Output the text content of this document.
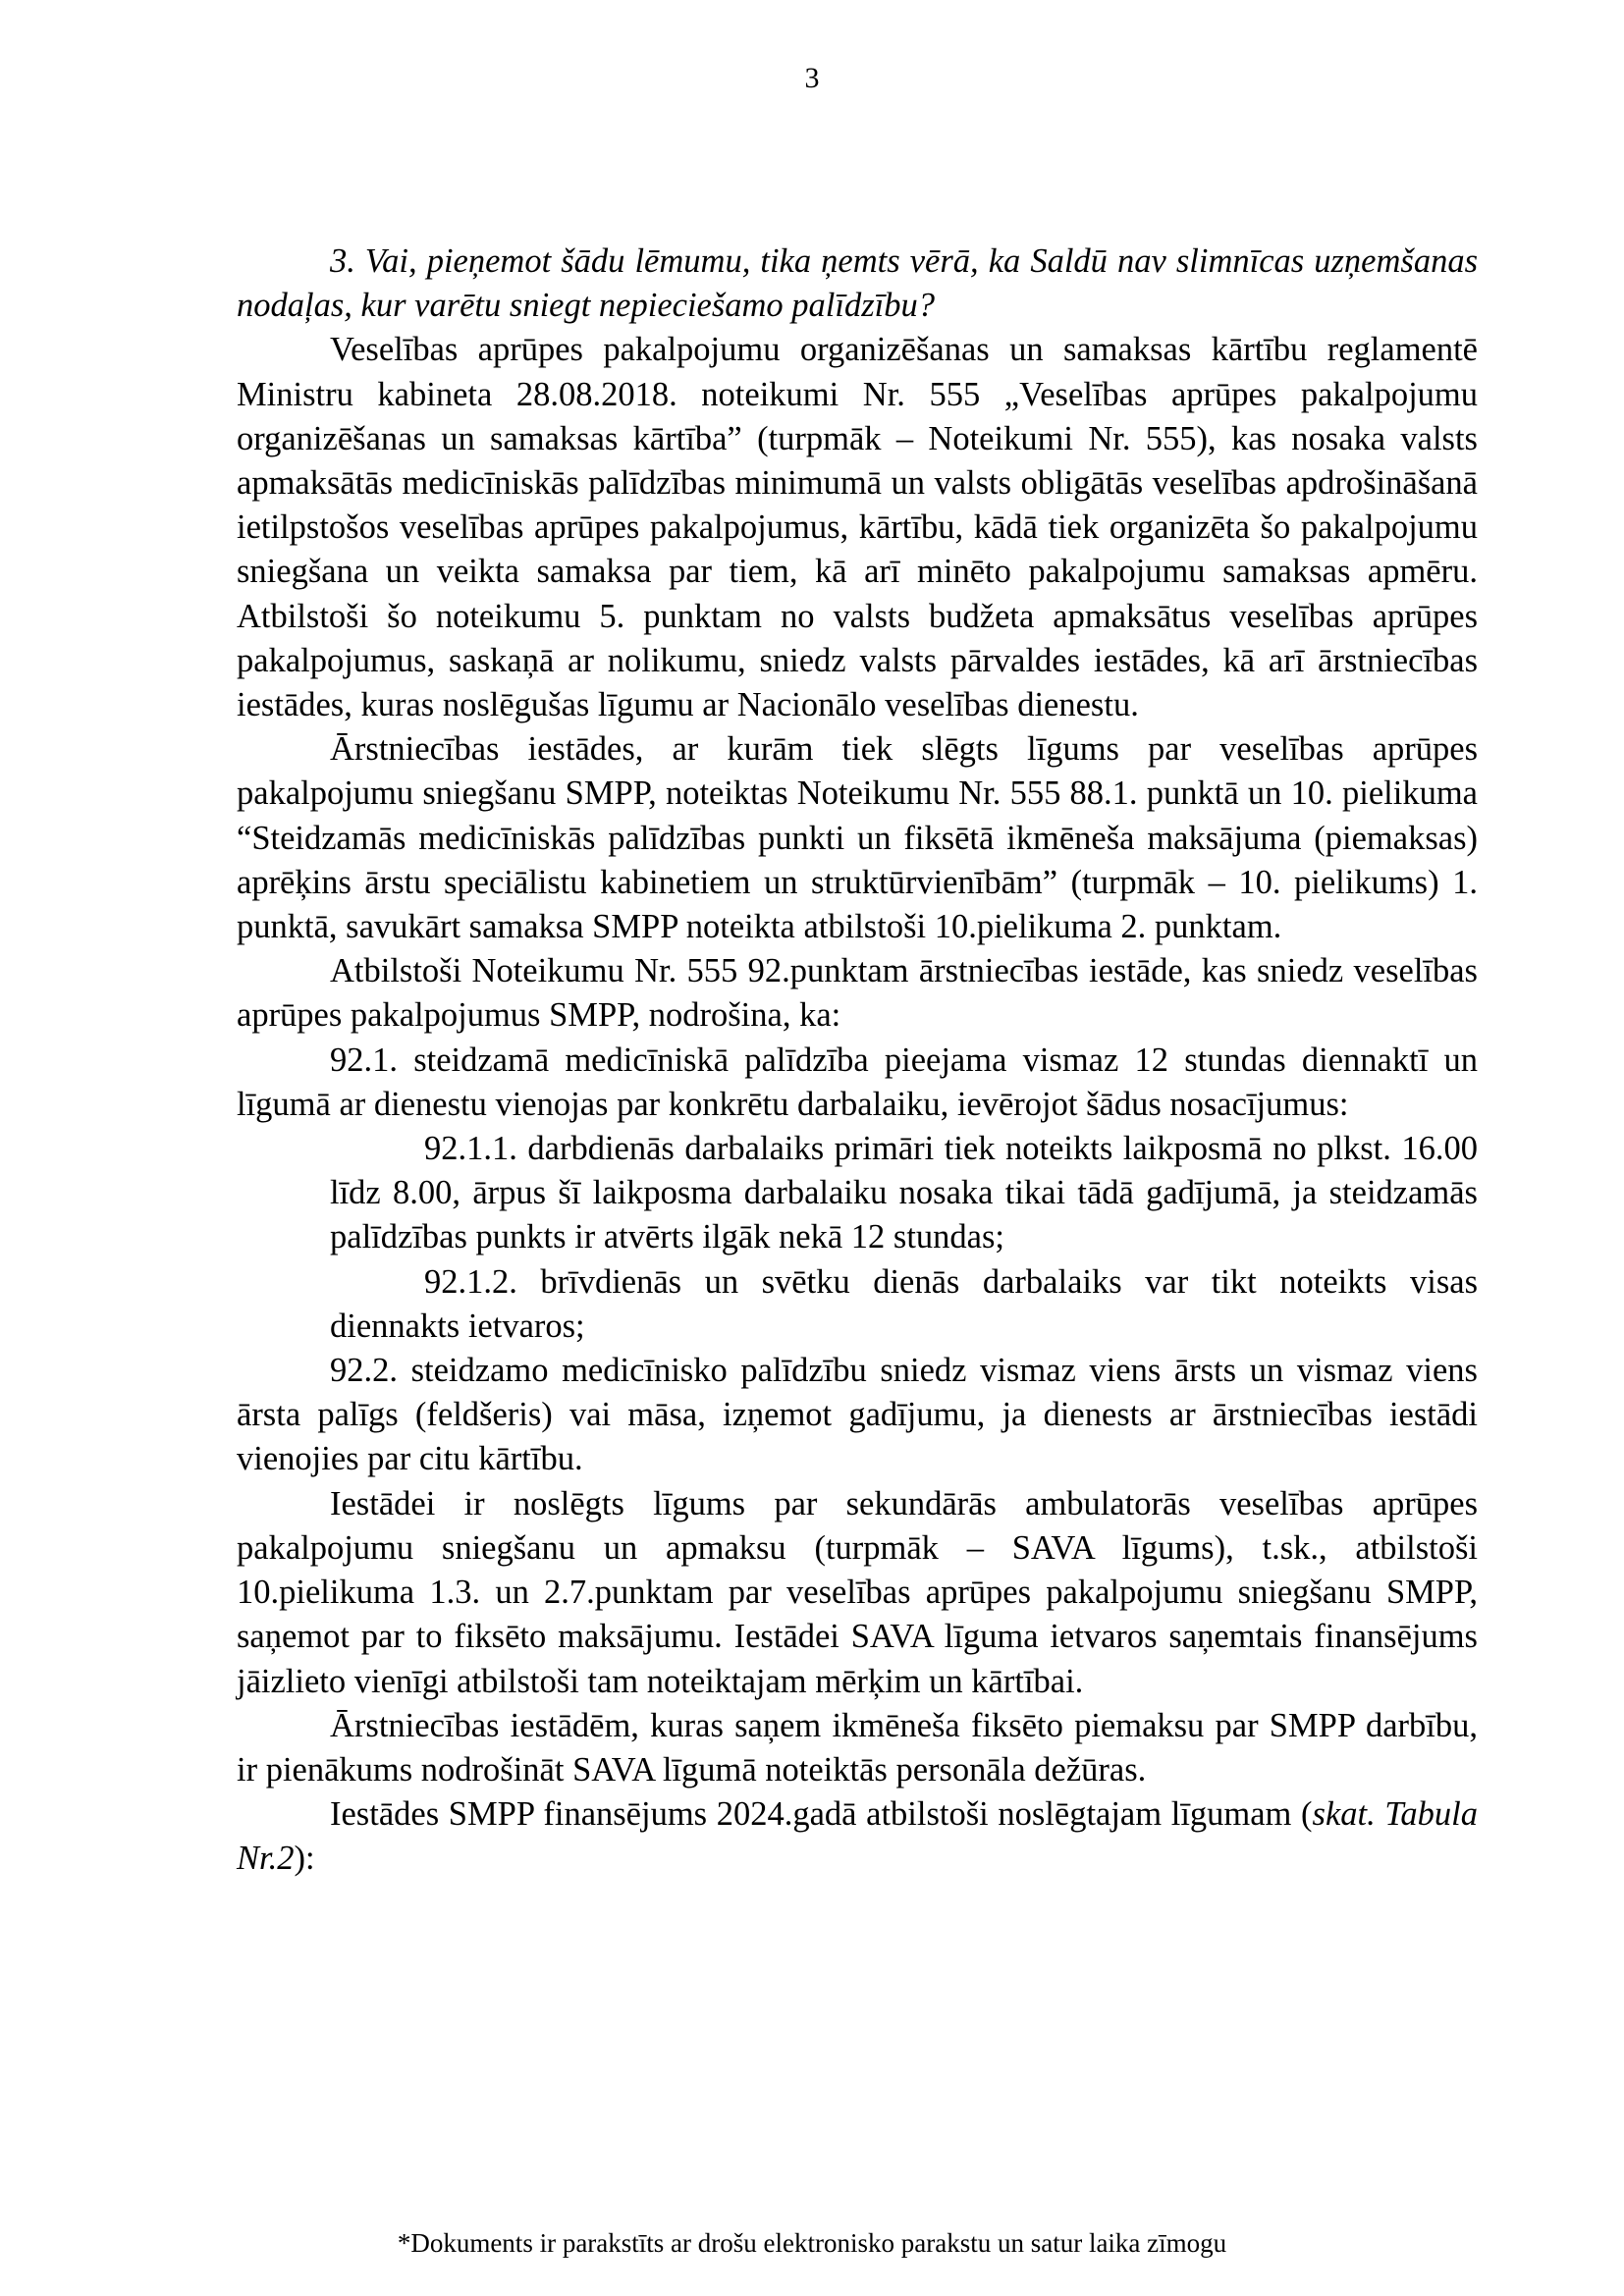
3

3. Vai, pieņemot šādu lēmumu, tika ņemts vērā, ka Saldū nav slimnīcas uzņemšanas nodaļas, kur varētu sniegt nepieciešamo palīdzību?

Veselības aprūpes pakalpojumu organizēšanas un samaksas kārtību reglamentē Ministru kabineta 28.08.2018. noteikumi Nr. 555 „Veselības aprūpes pakalpojumu organizēšanas un samaksas kārtība” (turpmāk – Noteikumi Nr. 555), kas nosaka valsts apmaksātās medicīniskās palīdzības minimumā un valsts obligātās veselības apdrošināšanā ietilpstošos veselības aprūpes pakalpojumus, kārtību, kādā tiek organizēta šo pakalpojumu sniegšana un veikta samaksa par tiem, kā arī minēto pakalpojumu samaksas apmēru. Atbilstoši šo noteikumu 5. punktam no valsts budžeta apmaksātus veselības aprūpes pakalpojumus, saskaņā ar nolikumu, sniedz valsts pārvaldes iestādes, kā arī ārstniecības iestādes, kuras noslēgušas līgumu ar Nacionālo veselības dienestu.

Ārstniecības iestādes, ar kurām tiek slēgts līgums par veselības aprūpes pakalpojumu sniegšanu SMPP, noteiktas Noteikumu Nr. 555 88.1. punktā un 10. pielikuma “Steidzamās medicīniskās palīdzības punkti un fiksētā ikmēneša maksājuma (piemaksas) aprēķins ārstu speciālistu kabinetiem un struktūrvienībām” (turpmāk – 10. pielikums) 1. punktā, savukārt samaksa SMPP noteikta atbilstoši 10.pielikuma 2. punktam.

Atbilstoši Noteikumu Nr. 555 92.punktam ārstniecības iestāde, kas sniedz veselības aprūpes pakalpojumus SMPP, nodrošina, ka:

92.1. steidzamā medicīniskā palīdzība pieejama vismaz 12 stundas diennaktī un līgumā ar dienestu vienojas par konkrētu darbalaiku, ievērojot šādus nosacījumus:

92.1.1. darbdienās darbalaiks primāri tiek noteikts laikposmā no plkst. 16.00 līdz 8.00, ārpus šī laikposma darbalaiku nosaka tikai tādā gadījumā, ja steidzamās palīdzības punkts ir atvērts ilgāk nekā 12 stundas;

92.1.2. brīvdienās un svētku dienās darbalaiks var tikt noteikts visas diennakts ietvaros;

92.2. steidzamo medicīnisko palīdzību sniedz vismaz viens ārsts un vismaz viens ārsta palīgs (feldšeris) vai māsa, izņemot gadījumu, ja dienests ar ārstniecības iestādi vienojies par citu kārtību.

Iestādei ir noslēgts līgums par sekundārās ambulatorās veselības aprūpes pakalpojumu sniegšanu un apmaksu (turpmāk – SAVA līgums), t.sk., atbilstoši 10.pielikuma 1.3. un 2.7.punktam par veselības aprūpes pakalpojumu sniegšanu SMPP, saņemot par to fiksēto maksājumu. Iestādei SAVA līguma ietvaros saņemtais finansējums jāizlieto vienīgi atbilstoši tam noteiktajam mērķim un kārtībai.

Ārstniecības iestādēm, kuras saņem ikmēneša fiksēto piemaksu par SMPP darbību, ir pienākums nodrošināt SAVA līgumā noteiktās personāla dežūras.

Iestādes SMPP finansējums 2024.gadā atbilstoši noslēgtajam līgumam (skat. Tabula Nr.2):

*Dokuments ir parakstīts ar drošu elektronisko parakstu un satur laika zīmogu
